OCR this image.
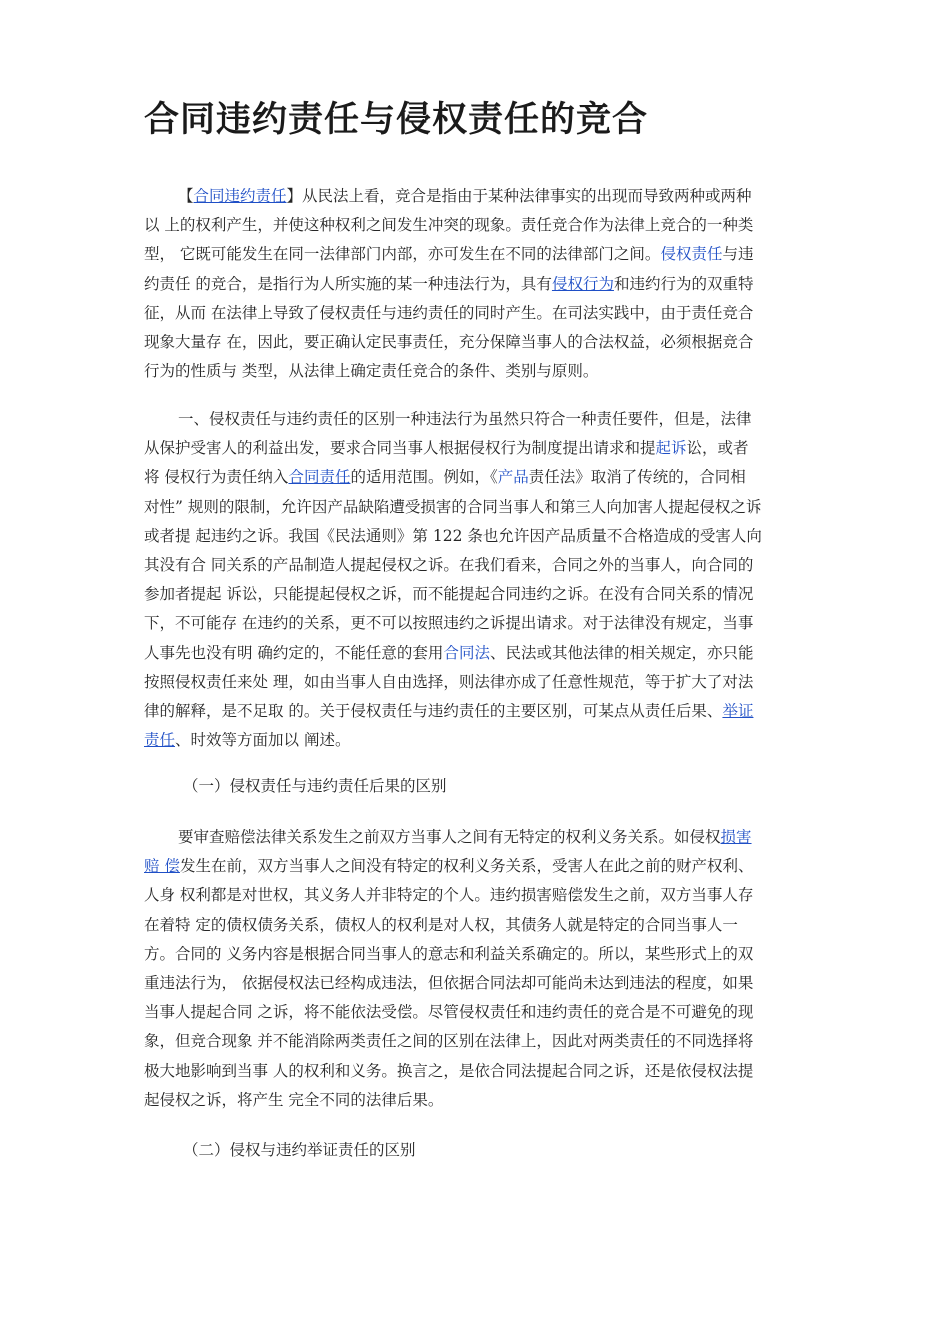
合同违约责任与侵权责任的竞合
【合同违约责任】从民法上看，竞合是指由于某种法律事实的出现而导致两种或两种
以 上的权利产生，并使这种权利之间发生冲突的现象。责任竞合作为法律上竞合的一种类
型， 它既可能发生在同一法律部门内部，亦可发生在不同的法律部门之间。侵权责任与违
约责任 的竞合，是指行为人所实施的某一种违法行为，具有侵权行为和违约行为的双重特
征，从而 在法律上导致了侵权责任与违约责任的同时产生。在司法实践中，由于责任竞合
现象大量存 在，因此，要正确认定民事责任，充分保障当事人的合法权益，必须根据竞合
行为的性质与 类型，从法律上确定责任竞合的条件、类别与原则。
一、侵权责任与违约责任的区别一种违法行为虽然只符合一种责任要件，但是，法律
从保护受害人的利益出发，要求合同当事人根据侵权行为制度提出请求和提起诉讼，或者
将 侵权行为责任纳入合同责任的适用范围。例如，《产品责任法》取消了传统的，合同相
对性” 规则的限制，允许因产品缺陷遭受损害的合同当事人和第三人向加害人提起侵权之诉
或者提 起违约之诉。我国《民法通则》第 122 条也允许因产品质量不合格造成的受害人向
其没有合 同关系的产品制造人提起侵权之诉。在我们看来，合同之外的当事人，向合同的
参加者提起 诉讼，只能提起侵权之诉，而不能提起合同违约之诉。在没有合同关系的情况
下，不可能存 在违约的关系，更不可以按照违约之诉提出请求。对于法律没有规定，当事
人事先也没有明 确约定的，不能任意的套用合同法、民法或其他法律的相关规定，亦只能
按照侵权责任来处 理，如由当事人自由选择，则法律亦成了任意性规范，等于扩大了对法
律的解释，是不足取 的。关于侵权责任与违约责任的主要区别，可某点从责任后果、举证
责任、时效等方面加以 阐述。
（一）侵权责任与违约责任后果的区别
要审查赔偿法律关系发生之前双方当事人之间有无特定的权利义务关系。如侵权损害
赔 偿发生在前，双方当事人之间没有特定的权利义务关系，受害人在此之前的财产权利、
人身 权利都是对世权，其义务人并非特定的个人。违约损害赔偿发生之前，双方当事人存
在着特 定的债权债务关系，债权人的权利是对人权，其债务人就是特定的合同当事人一
方。合同的 义务内容是根据合同当事人的意志和利益关系确定的。所以，某些形式上的双
重违法行为， 依据侵权法已经构成违法，但依据合同法却可能尚未达到违法的程度，如果
当事人提起合同 之诉，将不能依法受偿。尽管侵权责任和违约责任的竞合是不可避免的现
象，但竞合现象 并不能消除两类责任之间的区别在法律上，因此对两类责任的不同选择将
极大地影响到当事 人的权利和义务。换言之，是依合同法提起合同之诉，还是依侵权法提
起侵权之诉，将产生 完全不同的法律后果。
（二）侵权与违约举证责任的区别
